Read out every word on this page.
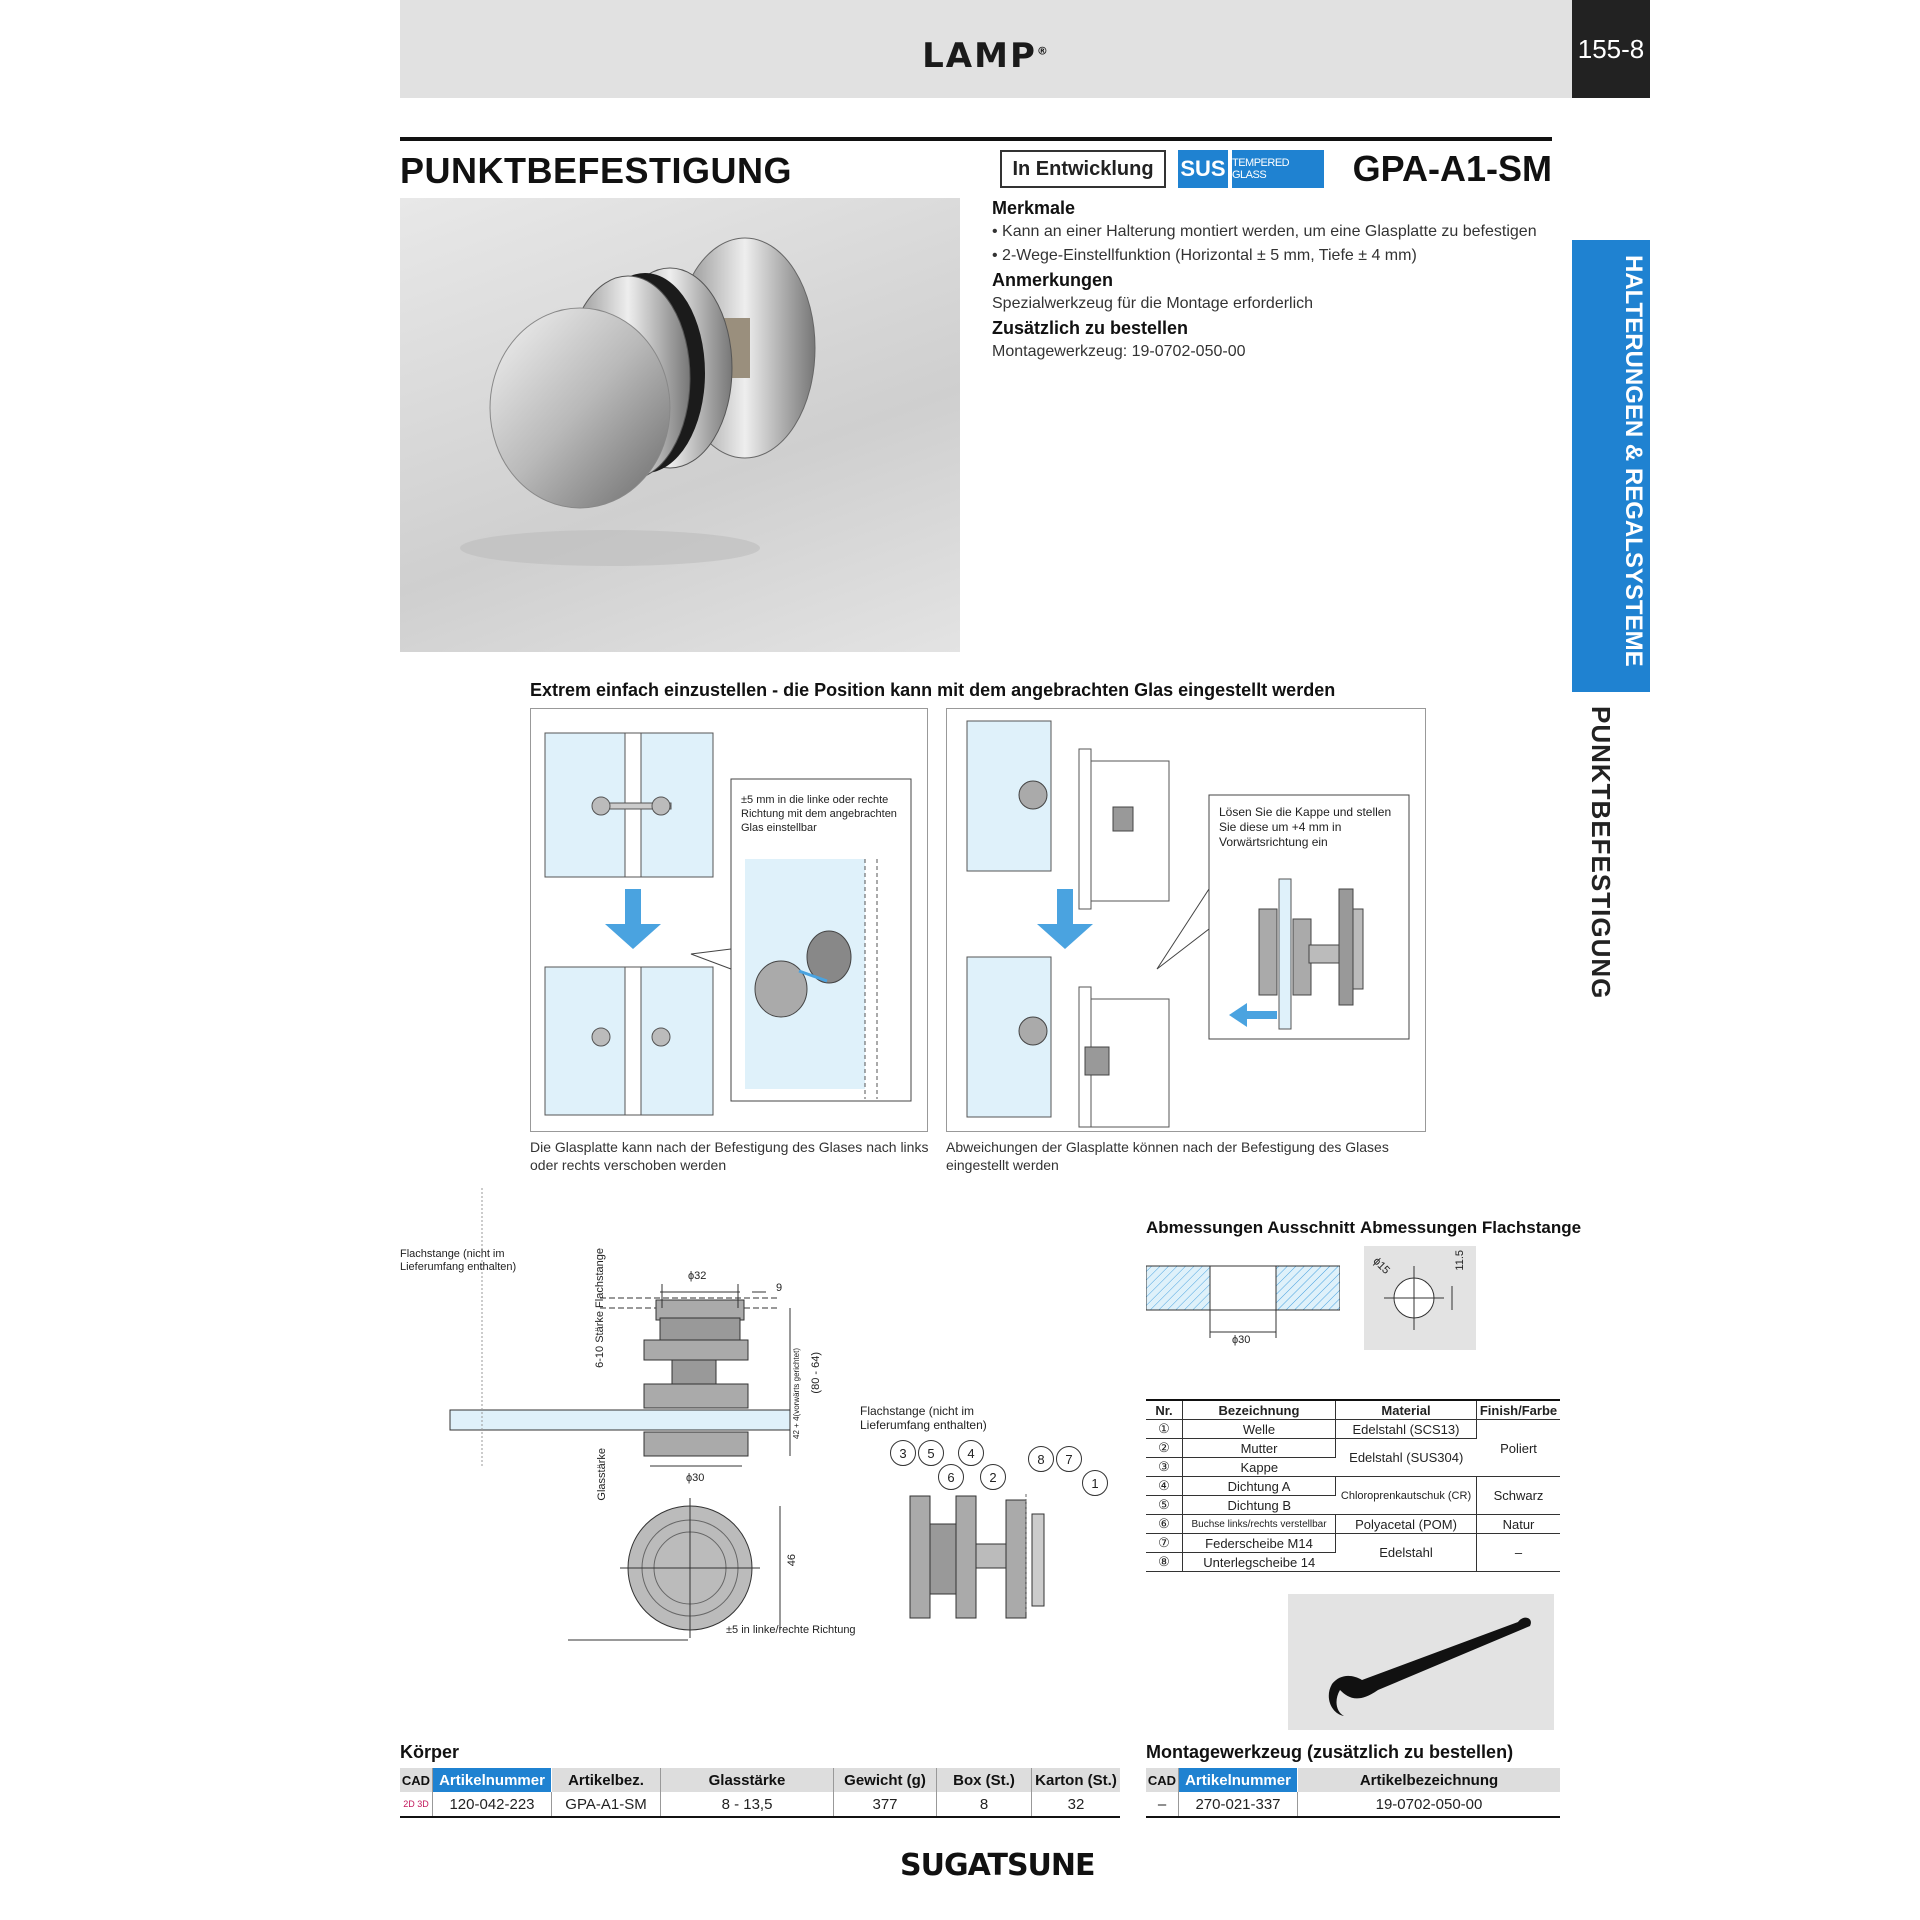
LAMP®	155-8
PUNKTBEFESTIGUNG	In Entwicklung	SUS TEMPERED GLASS	GPA-A1-SM
Merkmale

• Kann an einer Halterung montiert werden, um eine Glasplatte zu befestigen

• 2-Wege-Einstellfunktion (Horizontal ± 5 mm, Tiefe ± 4 mm)

Anmerkungen

Spezialwerkzeug für die Montage erforderlich

Zusätzlich zu bestellen

Montagewerkzeug: 19-0702-050-00	HALTERUNGEN & REGALSYSTEME
PUNKTBEFESTIGUNG
Extrem einfach einzustellen - die Position kann mit dem angebrachten Glas eingestellt werden
±5 mm in die linke oder rechte Richtung mit dem angebrachten Glas einstellbar
Die Glasplatte kann nach der Befestigung des Glases nach links oder rechts verschoben werden
Lösen Sie die Kappe und stellen Sie diese um +4 mm in Vorwärtsrichtung ein
Abweichungen der Glasplatte können nach der Befestigung des Glases eingestellt werden
Flachstange (nicht im Lieferumfang enthalten)	6-10 Stärke Flachstange	ϕ32
9
(80 - 64)
42 + 4(vorwärts gerichtet)
ϕ30
Glasstärke
46
±5 in linke/rechte Richtung
Flachstange (nicht im Lieferumfang enthalten)
3	5
6
4
2
8	7
1
Abmessungen Ausschnitt
ϕ30
Abmessungen Flachstange
ϕ15	11.5
Nr.	Bezeichnung	Material	Finish/Farbe
①	Welle	Edelstahl (SCS13)	Poliert
②	Mutter	Edelstahl (SUS304)	
③	Kappe		
④	Dichtung A	Chloroprenkautschuk (CR)	Schwarz
⑤	Dichtung B		
⑥	Buchse links/rechts verstellbar	Polyacetal (POM)	Natur
⑦	Federscheibe M14	Edelstahl	–
⑧	Unterlegscheibe 14		
Körper
CAD	Artikelnummer	Artikelbez.	Glasstärke	Gewicht (g)	Box (St.)	Karton (St.)
2D 3D	120-042-223	GPA-A1-SM	8 - 13,5	377	8	32
Montagewerkzeug (zusätzlich zu bestellen)
CAD	Artikelnummer	Artikelbezeichnung
–	270-021-337	19-0702-050-00
SUGATSUNE
